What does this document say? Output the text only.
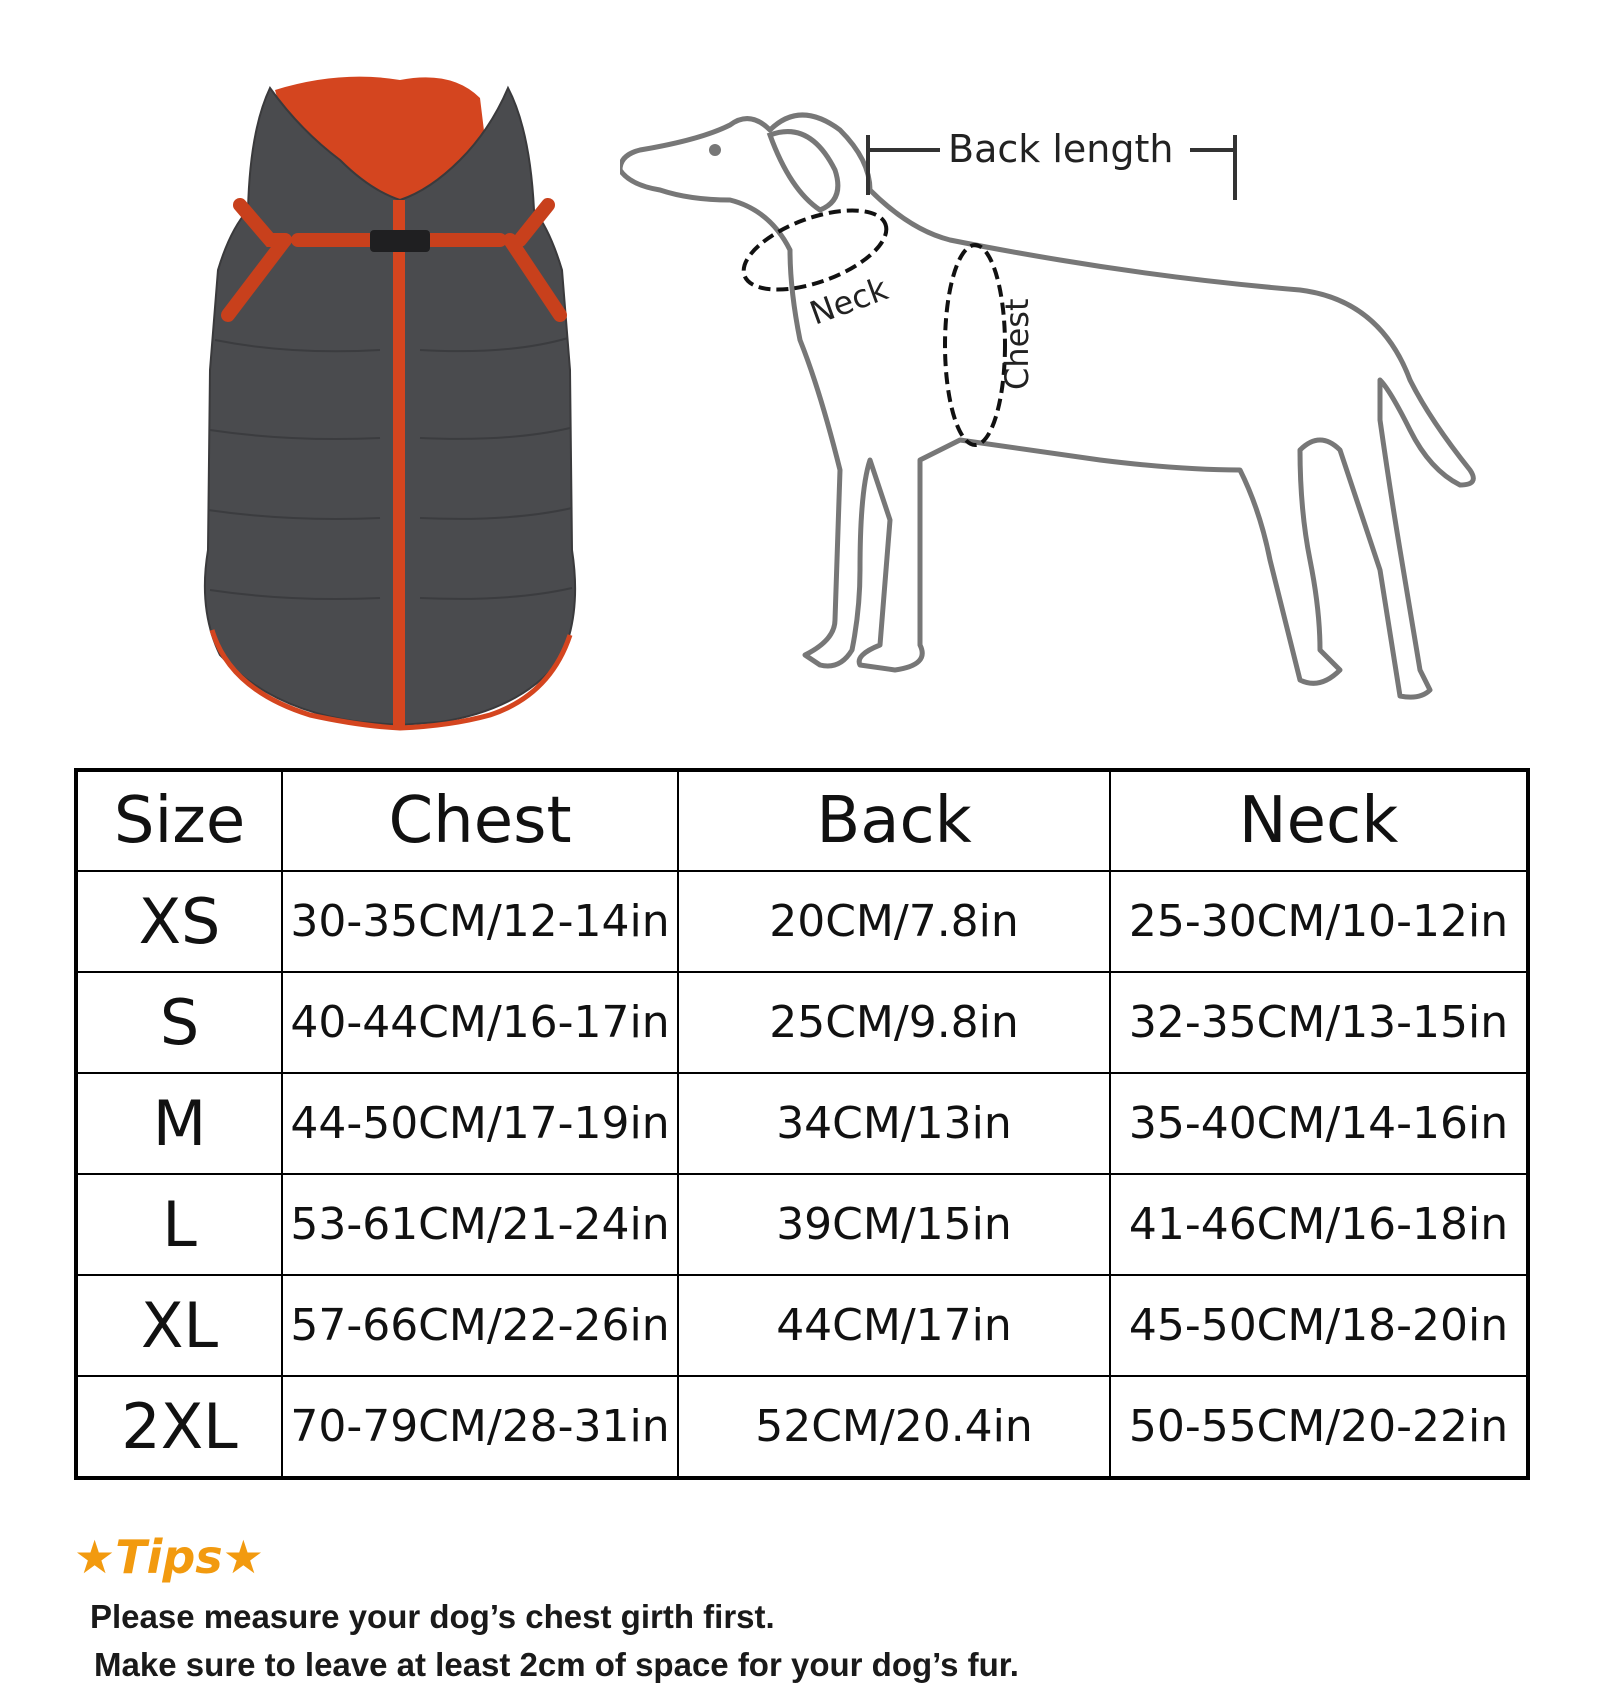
Back length
Neck	Chest
Size	Chest	Back	Neck
XS	30-35CM/12-14in	20CM/7.8in	25-30CM/10-12in
S	40-44CM/16-17in	25CM/9.8in	32-35CM/13-15in
M	44-50CM/17-19in	34CM/13in	35-40CM/14-16in
L	53-61CM/21-24in	39CM/15in	41-46CM/16-18in
XL	57-66CM/22-26in	44CM/17in	45-50CM/18-20in
2XL	70-79CM/28-31in	52CM/20.4in	50-55CM/20-22in
★Tips★
Please measure your dog’s chest girth first.
Make sure to leave at least 2cm of space for your dog’s fur.
